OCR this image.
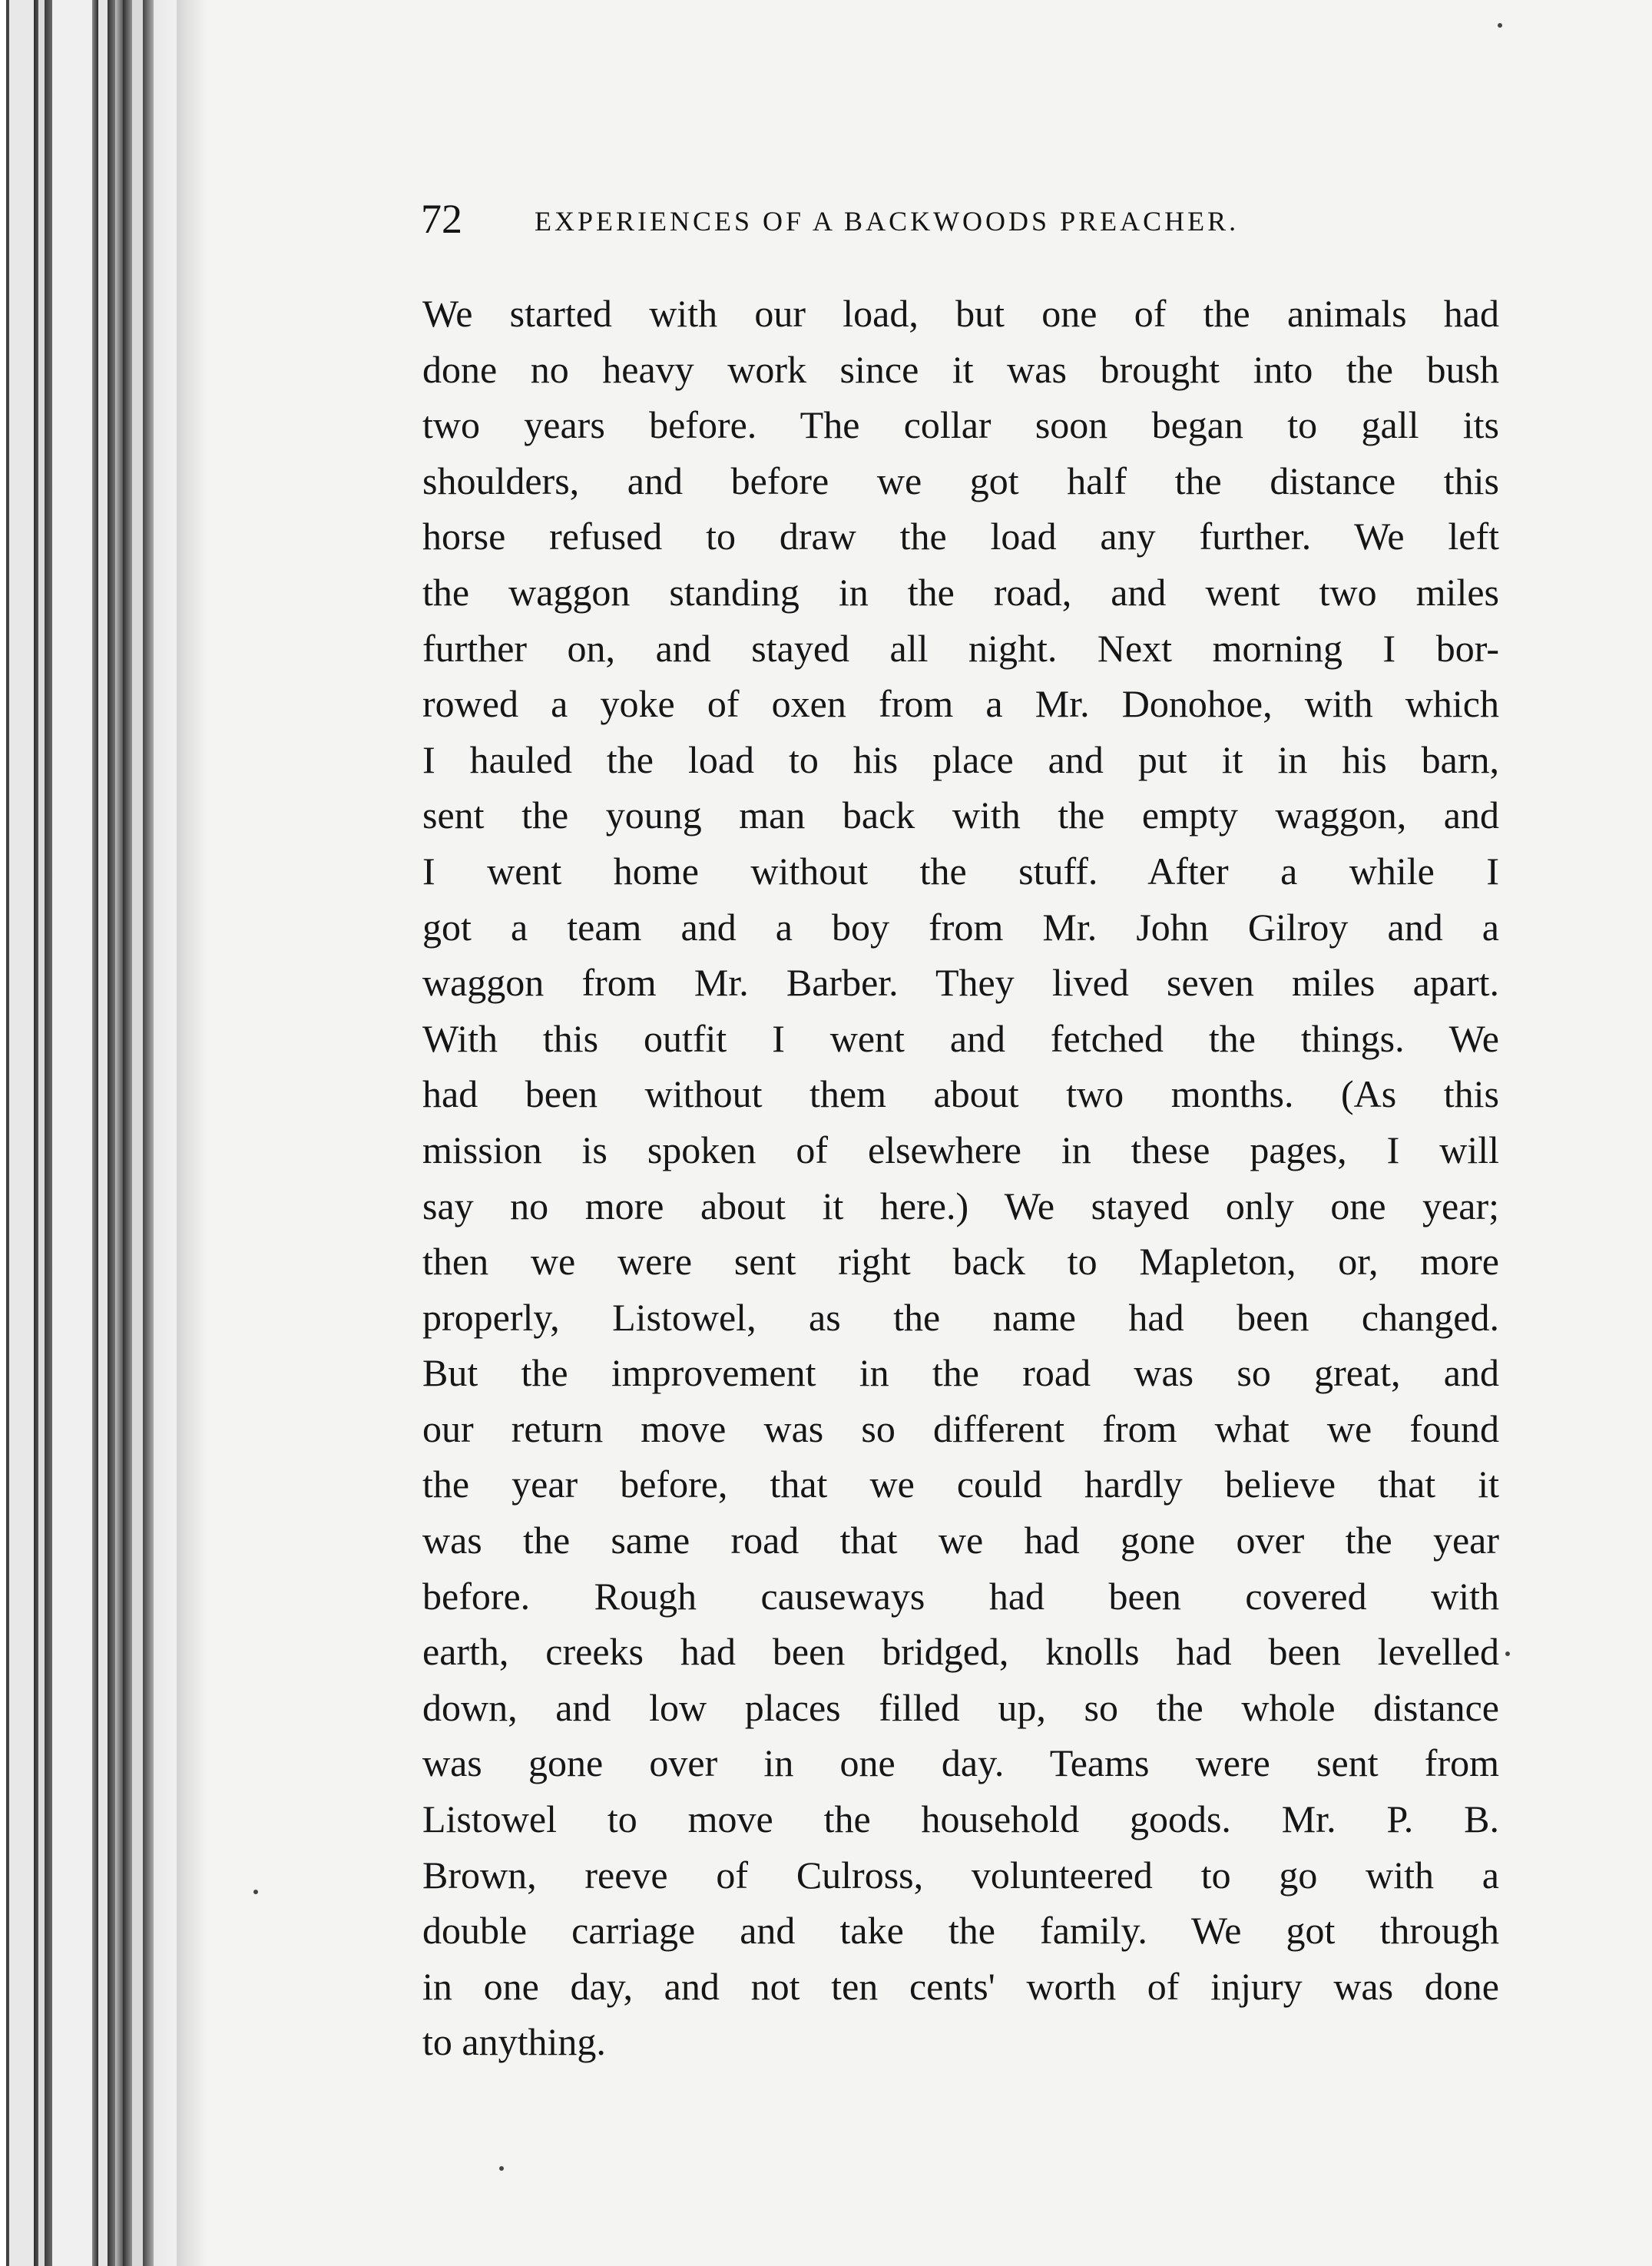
72	EXPERIENCES OF A BACKWOODS PREACHER.
We started with our load, but one of the animals had
done no heavy work since it was brought into the bush
two years before. The collar soon began to gall its
shoulders, and before we got half the distance this
horse refused to draw the load any further. We left
the waggon standing in the road, and went two miles
further on, and stayed all night. Next morning I bor-
rowed a yoke of oxen from a Mr. Donohoe, with which
I hauled the load to his place and put it in his barn,
sent the young man back with the empty waggon, and
I went home without the stuff. After a while I
got a team and a boy from Mr. John Gilroy and a
waggon from Mr. Barber. They lived seven miles apart.
With this outfit I went and fetched the things. We
had been without them about two months. (As this
mission is spoken of elsewhere in these pages, I will
say no more about it here.) We stayed only one year;
then we were sent right back to Mapleton, or, more
properly, Listowel, as the name had been changed.
But the improvement in the road was so great, and
our return move was so different from what we found
the year before, that we could hardly believe that it
was the same road that we had gone over the year
before. Rough causeways had been covered with
earth, creeks had been bridged, knolls had been levelled
down, and low places filled up, so the whole distance
was gone over in one day. Teams were sent from
Listowel to move the household goods. Mr. P. B.
Brown, reeve of Culross, volunteered to go with a
double carriage and take the family. We got through
in one day, and not ten cents' worth of injury was done
to anything.
